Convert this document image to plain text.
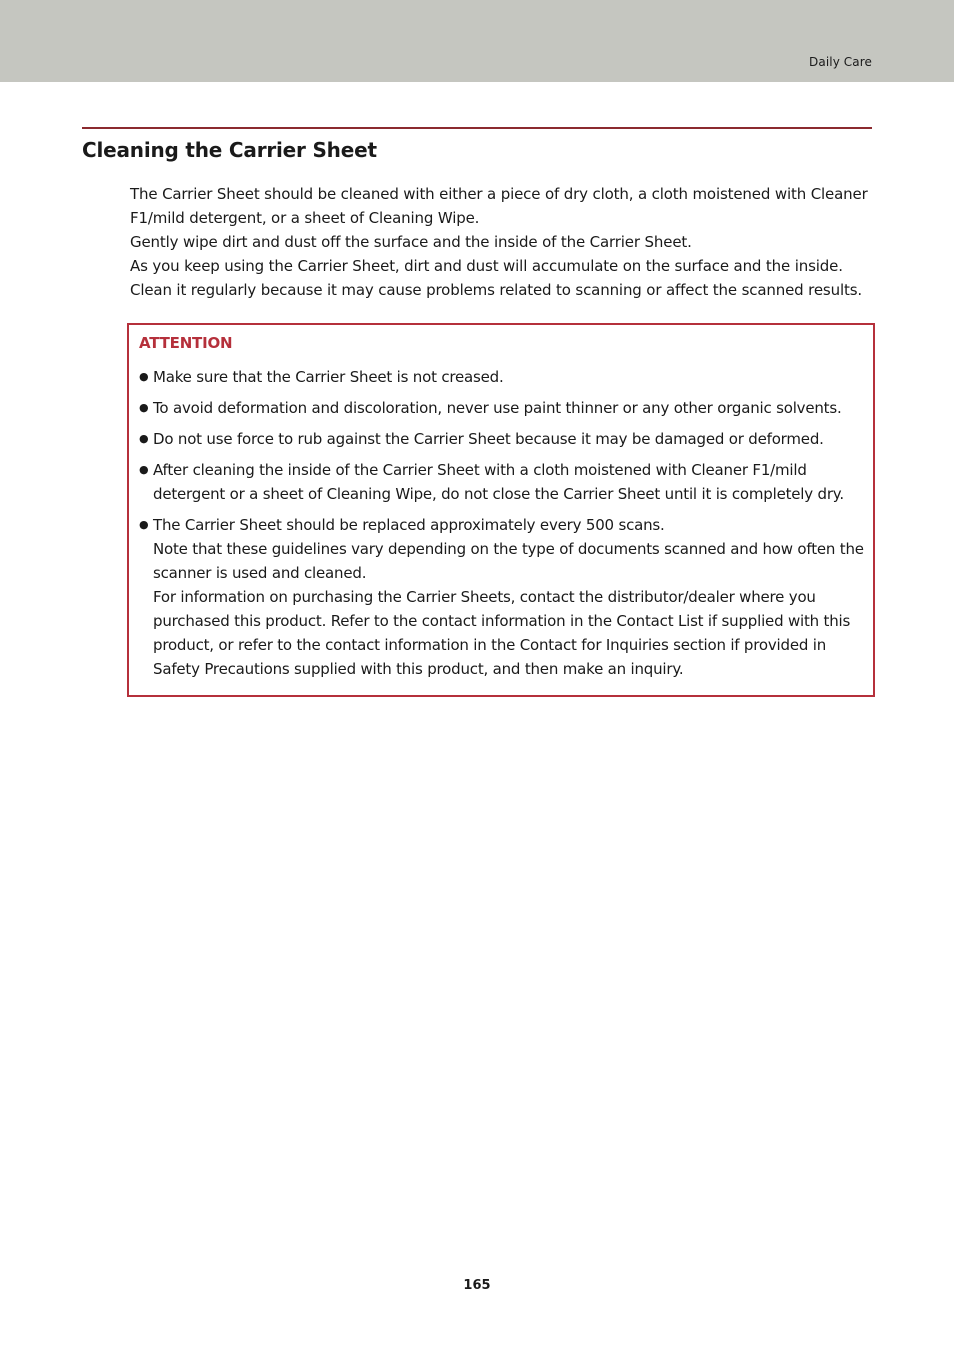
Daily Care
Cleaning the Carrier Sheet

The Carrier Sheet should be cleaned with either a piece of dry cloth, a cloth moistened with Cleaner F1/mild detergent, or a sheet of Cleaning Wipe.

Gently wipe dirt and dust off the surface and the inside of the Carrier Sheet.

As you keep using the Carrier Sheet, dirt and dust will accumulate on the surface and the inside.

Clean it regularly because it may cause problems related to scanning or affect the scanned results.

ATTENTION
● Make sure that the Carrier Sheet is not creased.

● To avoid deformation and discoloration, never use paint thinner or any other organic solvents.

● Do not use force to rub against the Carrier Sheet because it may be damaged or deformed.

● After cleaning the inside of the Carrier Sheet with a cloth moistened with Cleaner F1/mild detergent or a sheet of Cleaning Wipe, do not close the Carrier Sheet until it is completely dry.

● The Carrier Sheet should be replaced approximately every 500 scans.

Note that these guidelines vary depending on the type of documents scanned and how often the scanner is used and cleaned.

For information on purchasing the Carrier Sheets, contact the distributor/dealer where you purchased this product. Refer to the contact information in the Contact List if supplied with this product, or refer to the contact information in the Contact for Inquiries section if provided in Safety Precautions supplied with this product, and then make an inquiry.

165
